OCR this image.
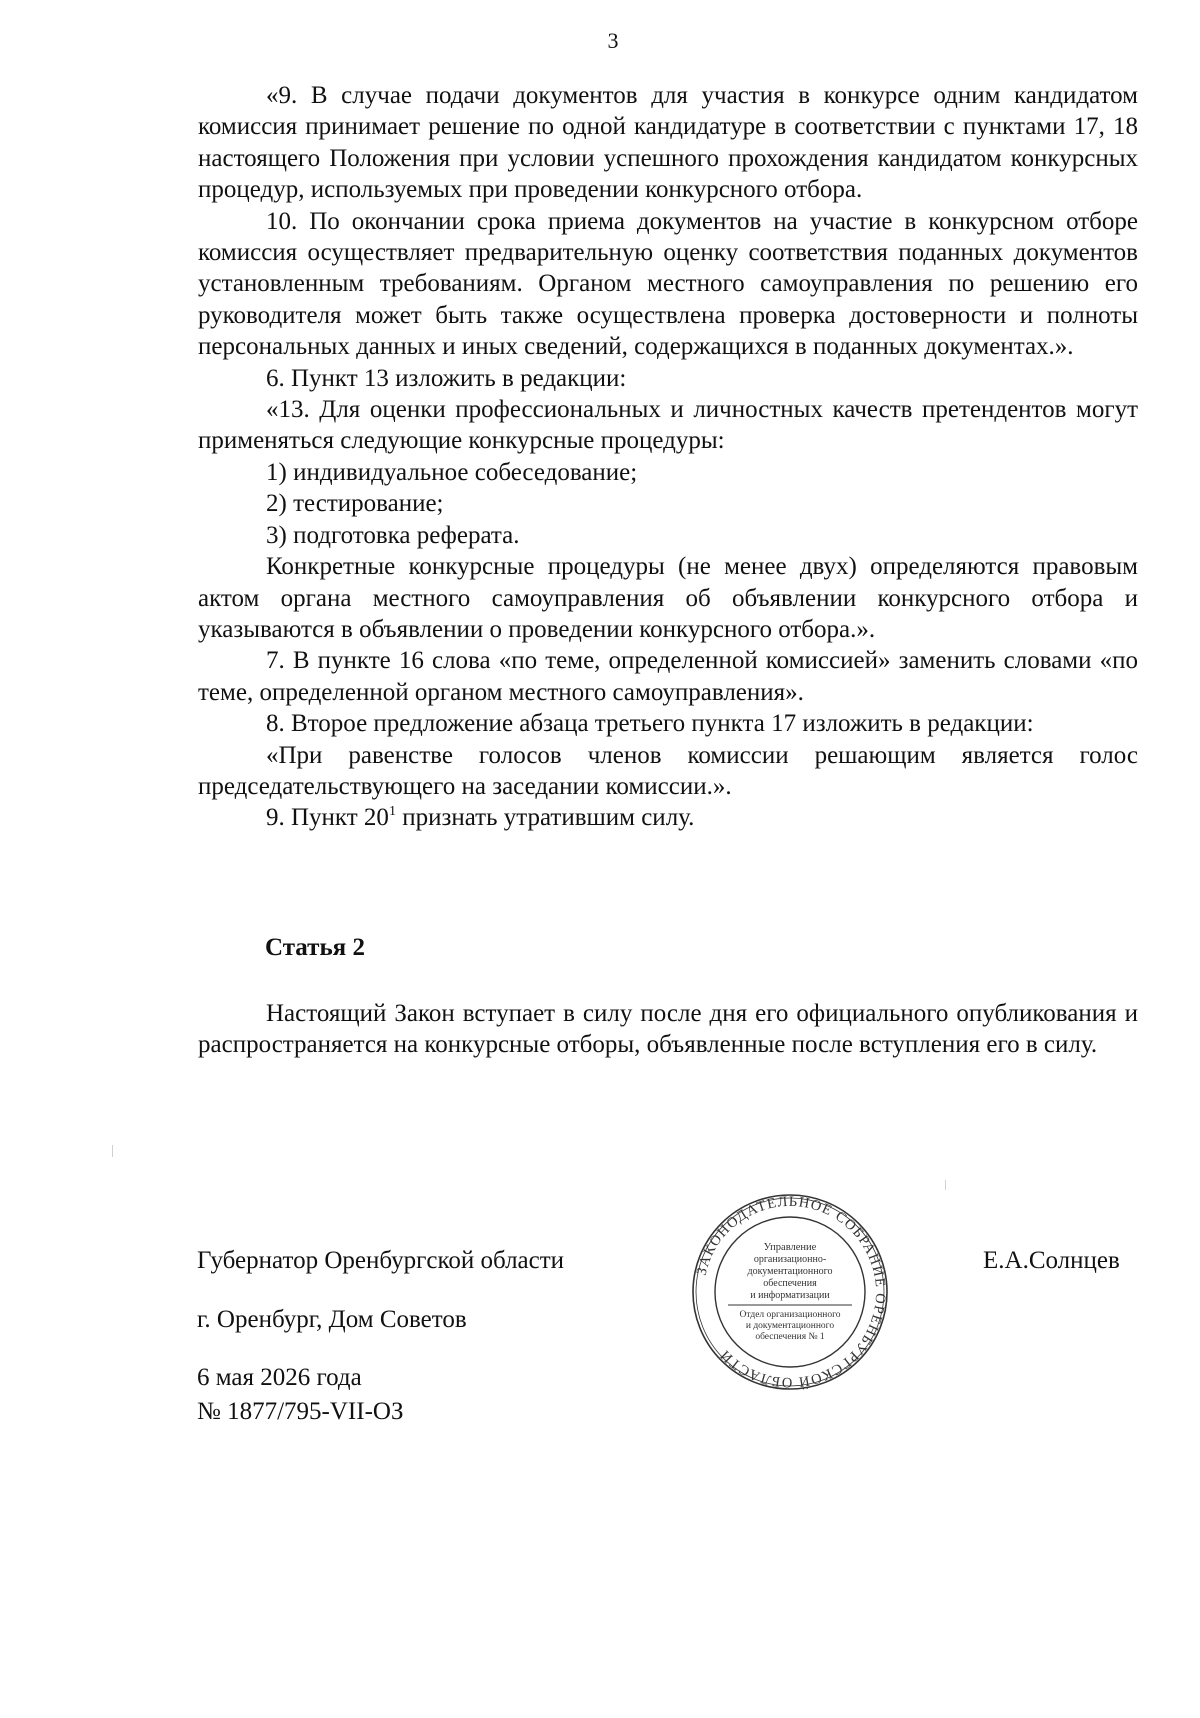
3

«9. В случае подачи документов для участия в конкурсе одним кандидатом комиссия принимает решение по одной кандидатуре в соответствии с пунктами 17, 18 настоящего Положения при условии успешного прохождения кандидатом конкурсных процедур, используемых при проведении конкурсного отбора.

10. По окончании срока приема документов на участие в конкурсном отборе комиссия осуществляет предварительную оценку соответствия поданных документов установленным требованиям. Органом местного самоуправления по решению его руководителя может быть также осуществлена проверка достоверности и полноты персональных данных и иных сведений, содержащихся в поданных документах.».

6. Пункт 13 изложить в редакции:

«13. Для оценки профессиональных и личностных качеств претендентов могут применяться следующие конкурсные процедуры:

1) индивидуальное собеседование;

2) тестирование;

3) подготовка реферата.

Конкретные конкурсные процедуры (не менее двух) определяются правовым актом органа местного самоуправления об объявлении конкурсного отбора и указываются в объявлении о проведении конкурсного отбора.».

7. В пункте 16 слова «по теме, определенной комиссией» заменить словами «по теме, определенной органом местного самоуправления».

8. Второе предложение абзаца третьего пункта 17 изложить в редакции:

«При равенстве голосов членов комиссии решающим является голос председательствующего на заседании комиссии.».

9. Пункт $20^1$ признать утратившим силу.

Статья 2

Настоящий Закон вступает в силу после дня его официального опубликования и распространяется на конкурсные отборы, объявленные после вступления его в силу.

Губернатор Оренбургской области
г. Оренбург, Дом Советов
6 мая 2026 года
№ 1877/795-VII-ОЗ
Е.А.Солнцев
ЗАКОНОДАТЕЛЬНОЕ СОБРАНИЕ ОРЕНБУРГСКОЙ ОБЛАСТИ
Управление
организационно-
документационного
обеспечения
и информатизации
Отдел организационного
и документационного
обеспечения № 1
